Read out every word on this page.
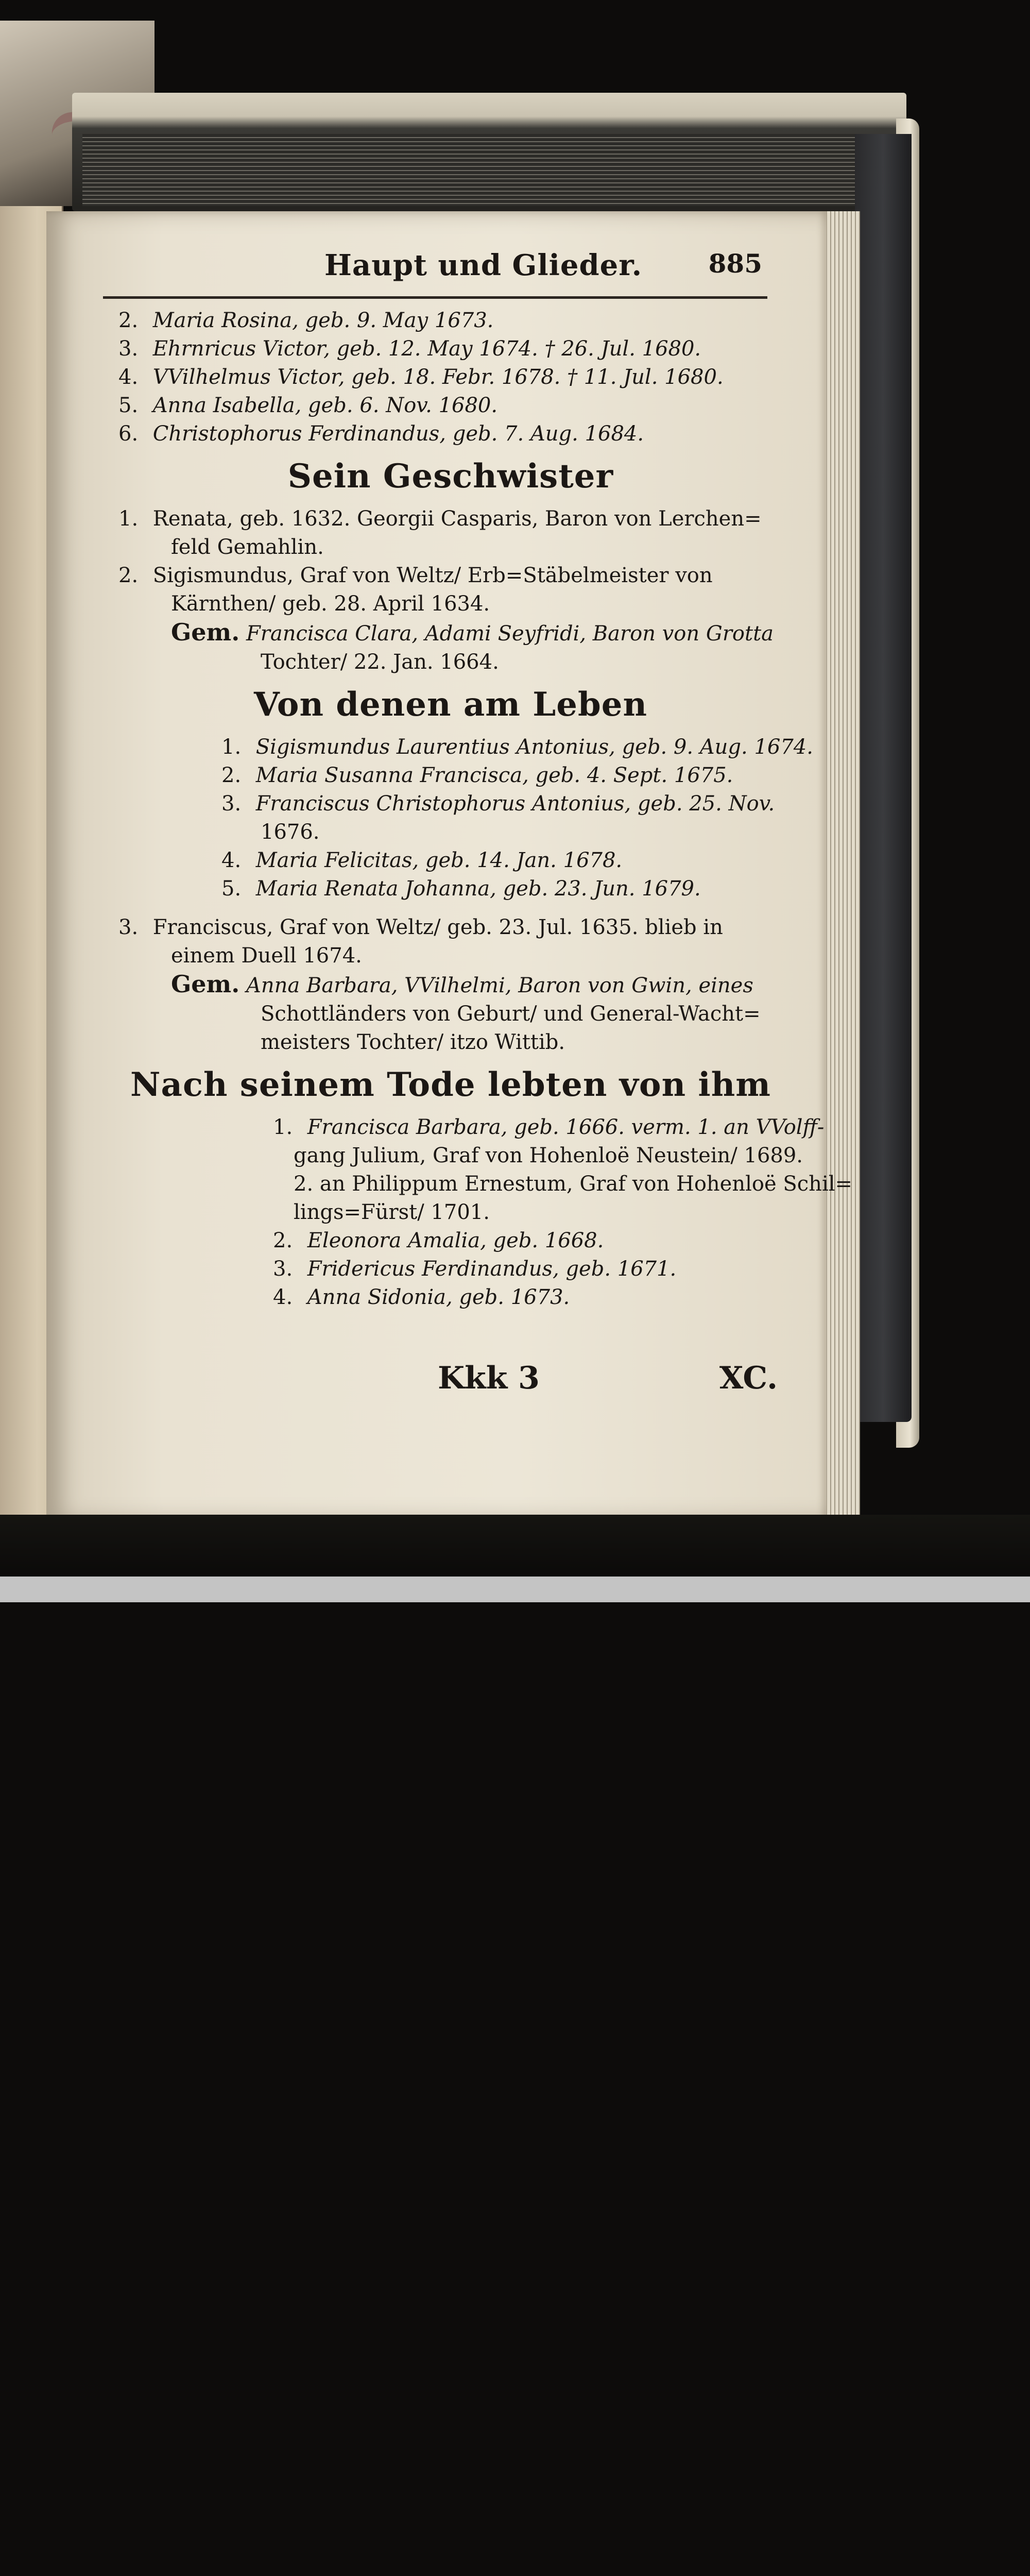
Haupt und Glieder.	885
2. Maria Rosina, geb. 9. May 1673.
3. Ehrnricus Victor, geb. 12. May 1674. † 26. Jul. 1680.
4. VVilhelmus Victor, geb. 18. Febr. 1678. † 11. Jul. 1680.
5. Anna Isabella, geb. 6. Nov. 1680.
6. Christophorus Ferdinandus, geb. 7. Aug. 1684.
Sein Geschwister
1. Renata, geb. 1632. Georgii Casparis, Baron von Lerchen=
feld Gemahlin.
2. Sigismundus, Graf von Weltz/ Erb=Stäbelmeister von
Kärnthen/ geb. 28. April 1634.
Gem. Francisca Clara, Adami Seyfridi, Baron von Grotta
Tochter/ 22. Jan. 1664.
Von denen am Leben
1. Sigismundus Laurentius Antonius, geb. 9. Aug. 1674.
2. Maria Susanna Francisca, geb. 4. Sept. 1675.
3. Franciscus Christophorus Antonius, geb. 25. Nov.
1676.
4. Maria Felicitas, geb. 14. Jan. 1678.
5. Maria Renata Johanna, geb. 23. Jun. 1679.
3. Franciscus, Graf von Weltz/ geb. 23. Jul. 1635. blieb in
einem Duell 1674.
Gem. Anna Barbara, VVilhelmi, Baron von Gwin, eines
Schottländers von Geburt/ und General-Wacht=
meisters Tochter/ itzo Wittib.
Nach seinem Tode lebten von ihm
1. Francisca Barbara, geb. 1666. verm. 1. an VVolff-
gang Julium, Graf von Hohenloë Neustein/ 1689.
2. an Philippum Ernestum, Graf von Hohenloë Schil=
lings=Fürst/ 1701.
2. Eleonora Amalia, geb. 1668.
3. Fridericus Ferdinandus, geb. 1671.
4. Anna Sidonia, geb. 1673.
Kkk 3	XC.
